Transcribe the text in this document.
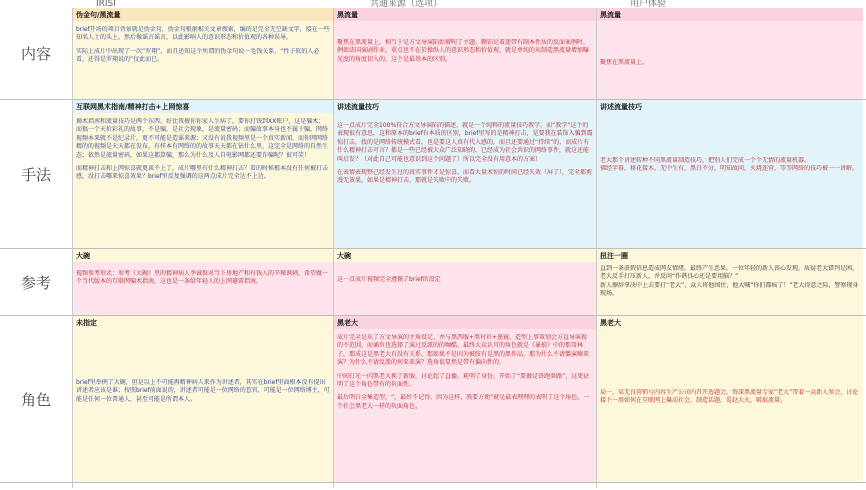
IRISI	共通来源（选项）	用户体验
内容
伪金句/黑流量
brief开场的项目背景就是伪金句，伪金句根据相关文章搜索，编的是完全无空缺文字，接在一些知名人士的头上，然后像谣言谣言，以此影响人的意识形态和价值观的各种误导。
实际上成片中出现了一次“罗翔”，而且还知这个所谓的伪金句说一毛钱关系，“性子软的人必看，还得是罗翔说的”仅此而已。
黑流量
聚焦在黑流量上，相当于是方文导演陷始擅吨了主题，删铂是着迷带有副本性质的反面案例时，例如法国演剧作业，重点也不在於操纵人的意识形态和价值观，就是单纯的从制造黑流量增加曝光度的角度切入的，这个是最基本的区别。
黑流量
聚焦在黑流量上。
手法
互联网黑术指南/精神打击+上网惊喜
揭术指南和流量技巧是两个东西，好比我擅你你家人生病了，要你打钱到XX账户，这是骗术；而搞一个天价彩礼的故事，不是骗，是社会现象，是流量密码；而骗故事本身也不属于骗，网络视频本来就不是纪录片，更不可能是造谣来源；又没有说我视频里是一个真实新闻，而你网网络精的的视频是天天都在发布，有样本有网络的的故事天天都在钻什么里，这完全是网络的自然生态；依然是流量密码，如果这都算骗，那么为什么及人自电影网都还要诈骗呢？很可笑！
而精神打击和上网惊喜就更谈不上了，成片哪里有什么精神打击？看的时候根本没有任何被打击感，没打击哪来惊喜效果？brief里反复强调的这两点成片完全达不上边。
讲述流量技巧
这一点成片完全100%符合方文导演陷的描述，就是一个纯粹的流量技巧教学，而“教学”这个的表现很有意思，这和原本的brief有本质的区别，brief里写的是精神打击，是要我在装饰入骗到震惊打击，找的是网络传统模式看，也是要这人真有代入感的，而且还要通过“持续”的，而成片有什么精神打击可言？都是一些已经被大众广泛知晓的，已经成为社会共识的网络事件，就这还能叫启发？（对此自己可能也意识到这个问题了）所以完全没有用意本的方案）
在表情表现整己经发生过的真实事件才是惊喜，而看大量术惊的时间已经失效（屏了），完全都剪漫无效果，如果是精神打击，那就是失败中的失败。
讲述流量技巧
老大那个讲述转种不同黑流量制造技巧，把别人们完成一个个无情的流量机器。
佛经字幕，移花接木，无中生有，黑白不分，明知故问，火烧连营，等等网络的技巧被一一讲解。
参考
大碗
视频参考形式：参考《大碗》里的精神病人李诚惧对当下房地产和有钱人的辛辣讽刺，希望做一个当代版本的互联网骗术指南，这也是一条给年轻人的上网避雷指南。
大碗
这一点成片视频完全遵循了brief的设定
扭注一圈
直到一条虚假信息造成网友情绪，最终产生恶果。一位年轻的新人丧心发现，质疑老大错判是困，老大反手打压新人，并反问“作谐良心还是要用脑？”
新人擦辞拿决中上去要打“老大”，众人将他围住，他大喊“你们都疯了！”老大得意之际，警察现身现场。
角色
未指定
brief里举例了大碗，但是以上不可能再精神病人来作为讲述者，其实在brief里面根本没有提出讲述者应该是谁；按照brief前面说的，讲述者可能是一位网络的惹官，可能是一位网络博主，可能是任何一位普通人，甚至可能是所谓本人。
黑老大
成片完全是从了方文导演的主角设定，并与黑西服+黑衬衫+墨镜，造型上事策划会方直导演视的不范围，而诵负也选择了演过反派的的咖酷，最终大众认可的角色就是《暴狼》中的那哥林子，那成这是黑老大有没有关系，那如果不是因为被肢有是黑的黑作品，那为什么不请僵演嗨来演？为什么不请反派的何来来演？选角很显然是带有偏向性的。
中间打光一闪黑老大换了新服，讨论起了直播，耗明了身份，开始了“要做是饼跑套路”，这更证明了这个角色带有的负面性。
最后明白全集造型，“，最好不记得，因为这样，我要方便”就是最表理理的表明了这个角色，一个社会黑老大一样的负面角色。
黑老大
局一，某无良营销号内容生产公司内召开选题会，资深黑流量专家“老大”带着一众新人参会，讨论接下一周如何在互联网上爆动社会，制造话题，爱赵大火，吸取流量。
